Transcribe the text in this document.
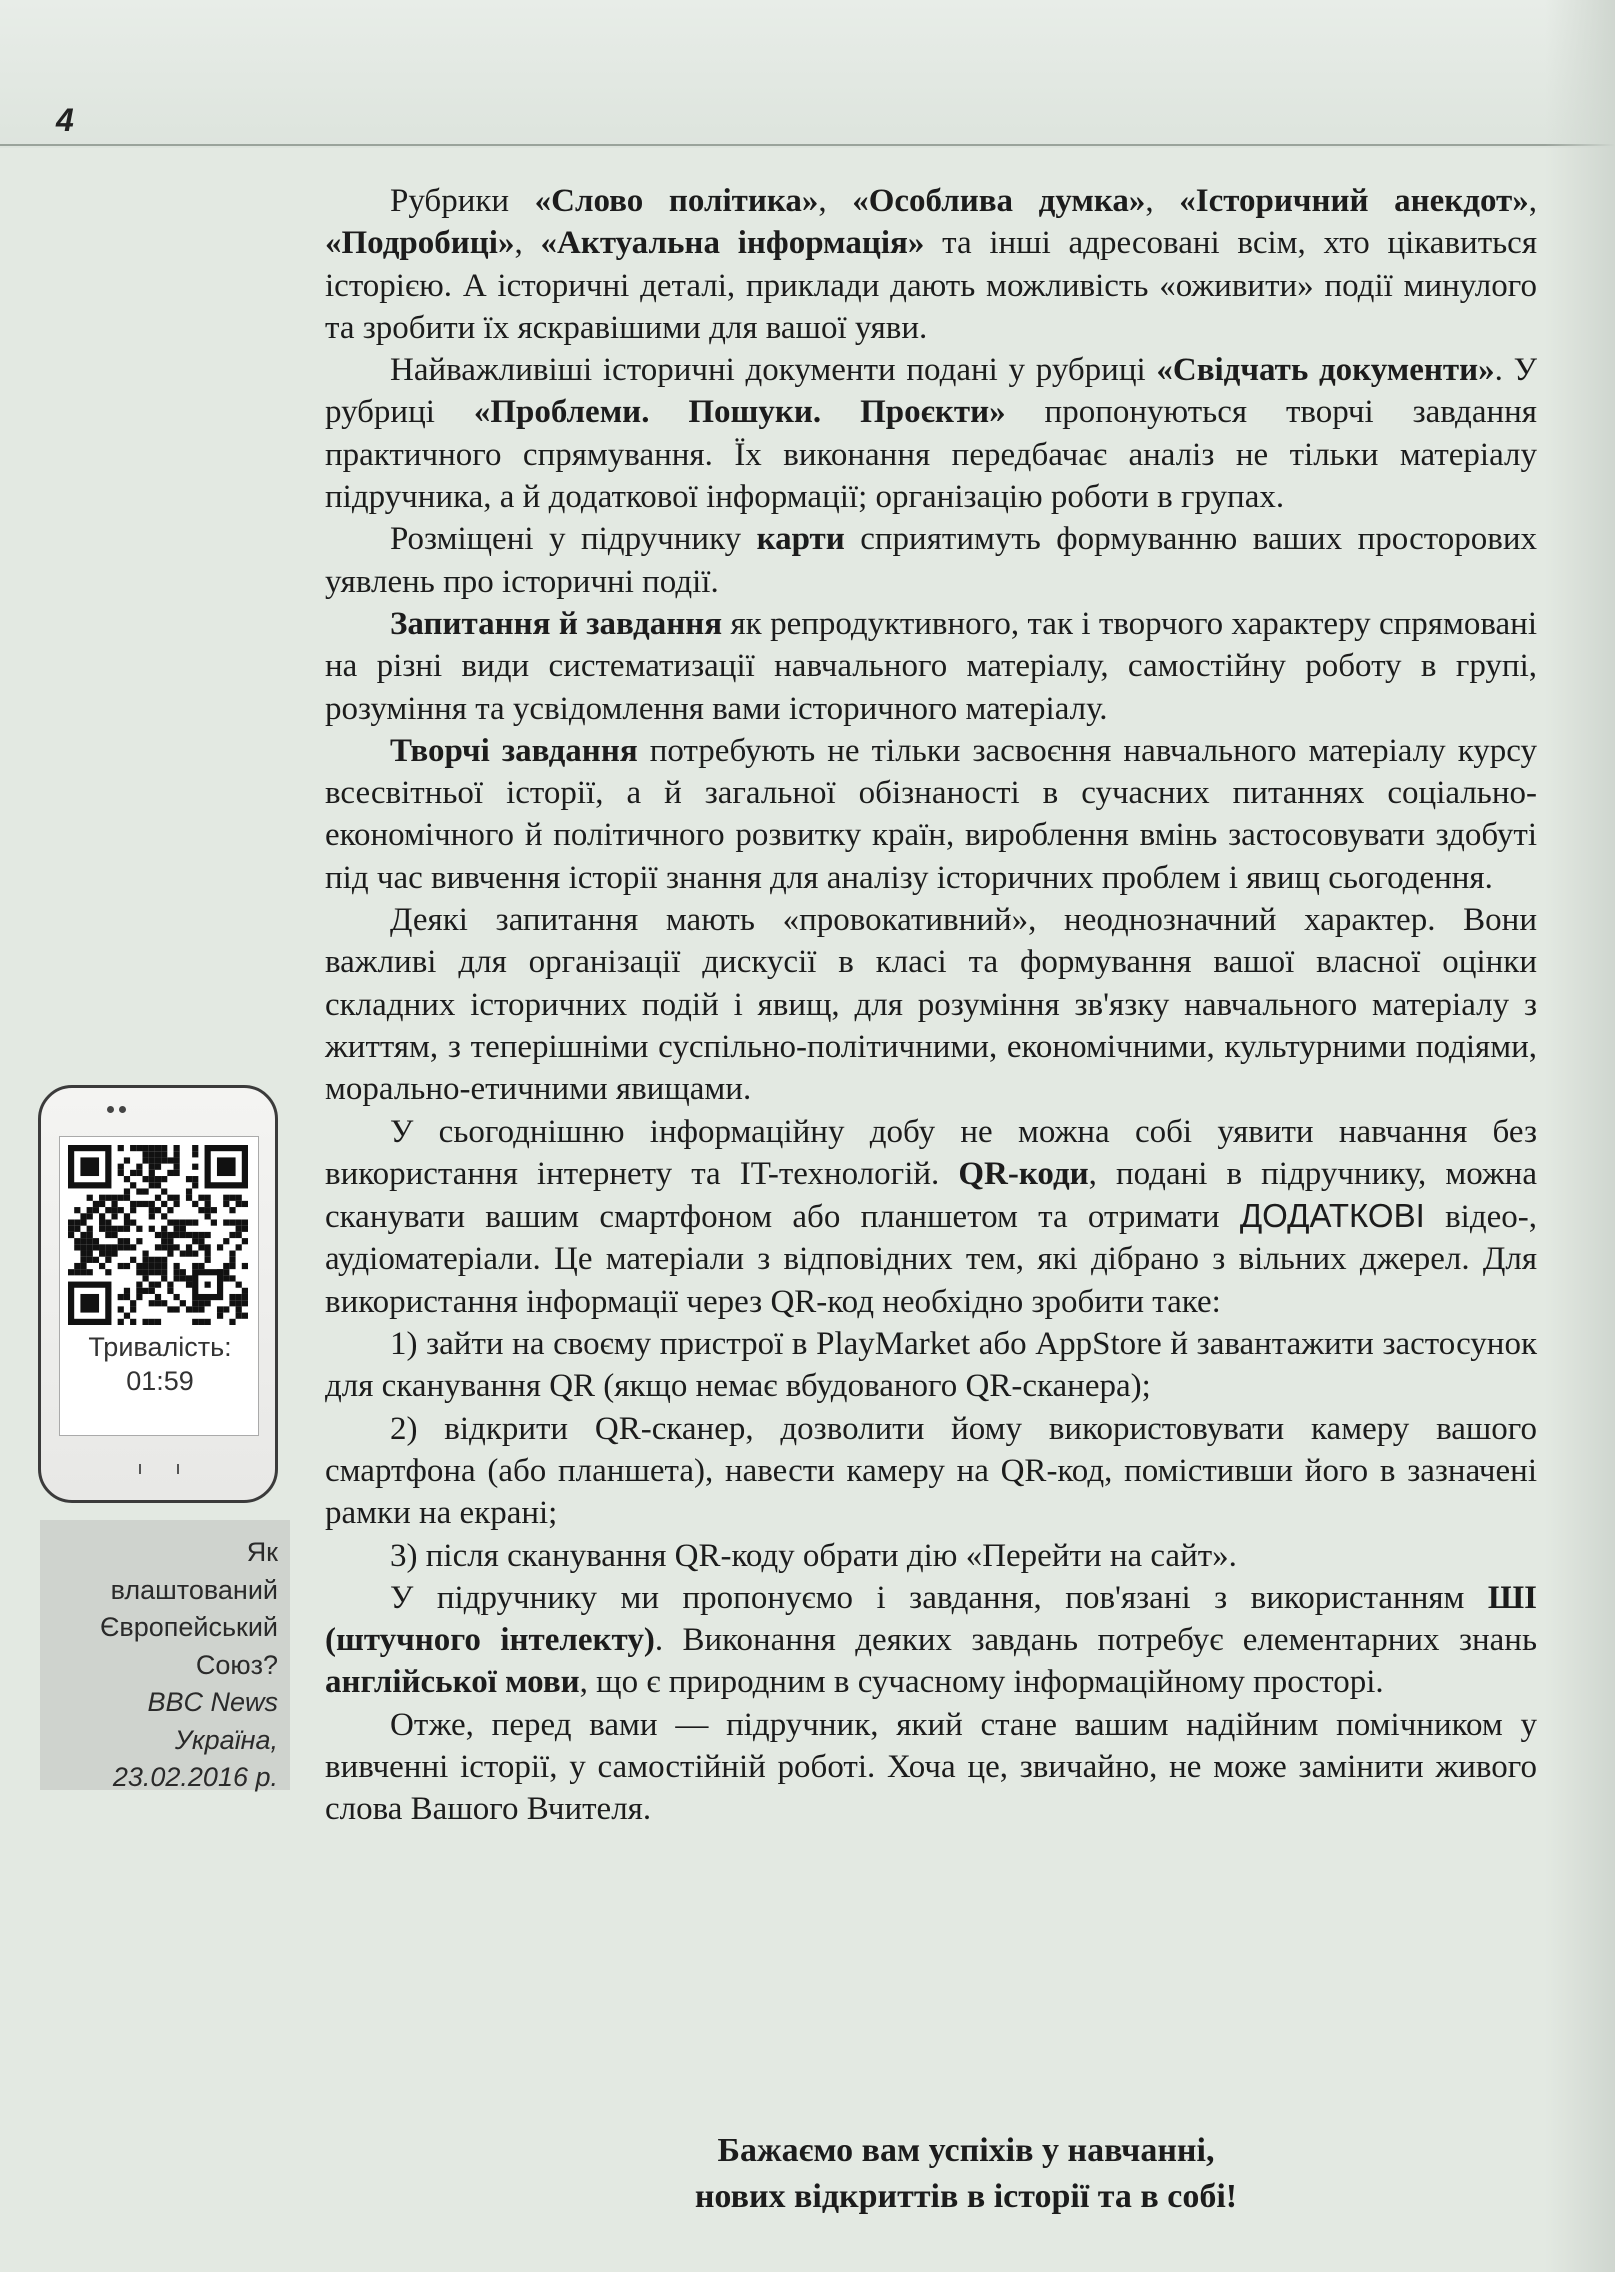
4

Рубрики «Слово політика», «Особлива думка», «Історичний анекдот», «Подробиці», «Актуальна інформація» та інші адресовані всім, хто цікавиться історією. А історичні деталі, приклади дають можливість «оживити» події минулого та зробити їх яскравішими для вашої уяви.

Найважливіші історичні документи подані у рубриці «Свідчать документи». У рубриці «Проблеми. Пошуки. Проєкти» пропонуються творчі завдання практичного спрямування. Їх виконання передбачає аналіз не тільки матеріалу підручника, а й додаткової інформації; організацію роботи в групах.

Розміщені у підручнику карти сприятимуть формуванню ваших просторових уявлень про історичні події.

Запитання й завдання як репродуктивного, так і творчого характеру спрямовані на різні види систематизації навчального матеріалу, самостійну роботу в групі, розуміння та усвідомлення вами історичного матеріалу.

Творчі завдання потребують не тільки засвоєння навчального матеріалу курсу всесвітньої історії, а й загальної обізнаності в сучасних питаннях соціально-економічного й політичного розвитку країн, вироблення вмінь застосовувати здобуті під час вивчення історії знання для аналізу історичних проблем і явищ сьогодення.

Деякі запитання мають «провокативний», неоднозначний характер. Вони важливі для організації дискусії в класі та формування вашої власної оцінки складних історичних подій і явищ, для розуміння зв'язку навчального матеріалу з життям, з теперішніми суспільно-політичними, економічними, культурними подіями, морально-етичними явищами.

У сьогоднішню інформаційну добу не можна собі уявити навчання без використання інтернету та IT-технологій. QR-коди, подані в підручнику, можна сканувати вашим смартфоном або планшетом та отримати ДОДАТКОВІ відео-, аудіоматеріали. Це матеріали з відповідних тем, які дібрано з вільних джерел. Для використання інформації через QR-код необхідно зробити таке:

1) зайти на своєму пристрої в PlayMarket або AppStore й завантажити застосунок для сканування QR (якщо немає вбудованого QR-сканера);

2) відкрити QR-сканер, дозволити йому використовувати камеру вашого смартфона (або планшета), навести камеру на QR-код, помістивши його в зазначені рамки на екрані;

3) після сканування QR-коду обрати дію «Перейти на сайт».

У підручнику ми пропонуємо і завдання, пов'язані з використанням ШІ (штучного інтелекту). Виконання деяких завдань потребує елементарних знань англійської мови, що є природним в сучасному інформаційному просторі.

Отже, перед вами — підручник, який стане вашим надійним помічником у вивченні історії, у самостійній роботі. Хоча це, звичайно, не може замінити живого слова Вашого Вчителя.

Бажаємо вам успіхів у навчанні,
нових відкриттів в історії та в собі!
Тривалість:
01:59
Як
влаштований
Європейський
Союз?
BBC News
Україна,
23.02.2016 р.
